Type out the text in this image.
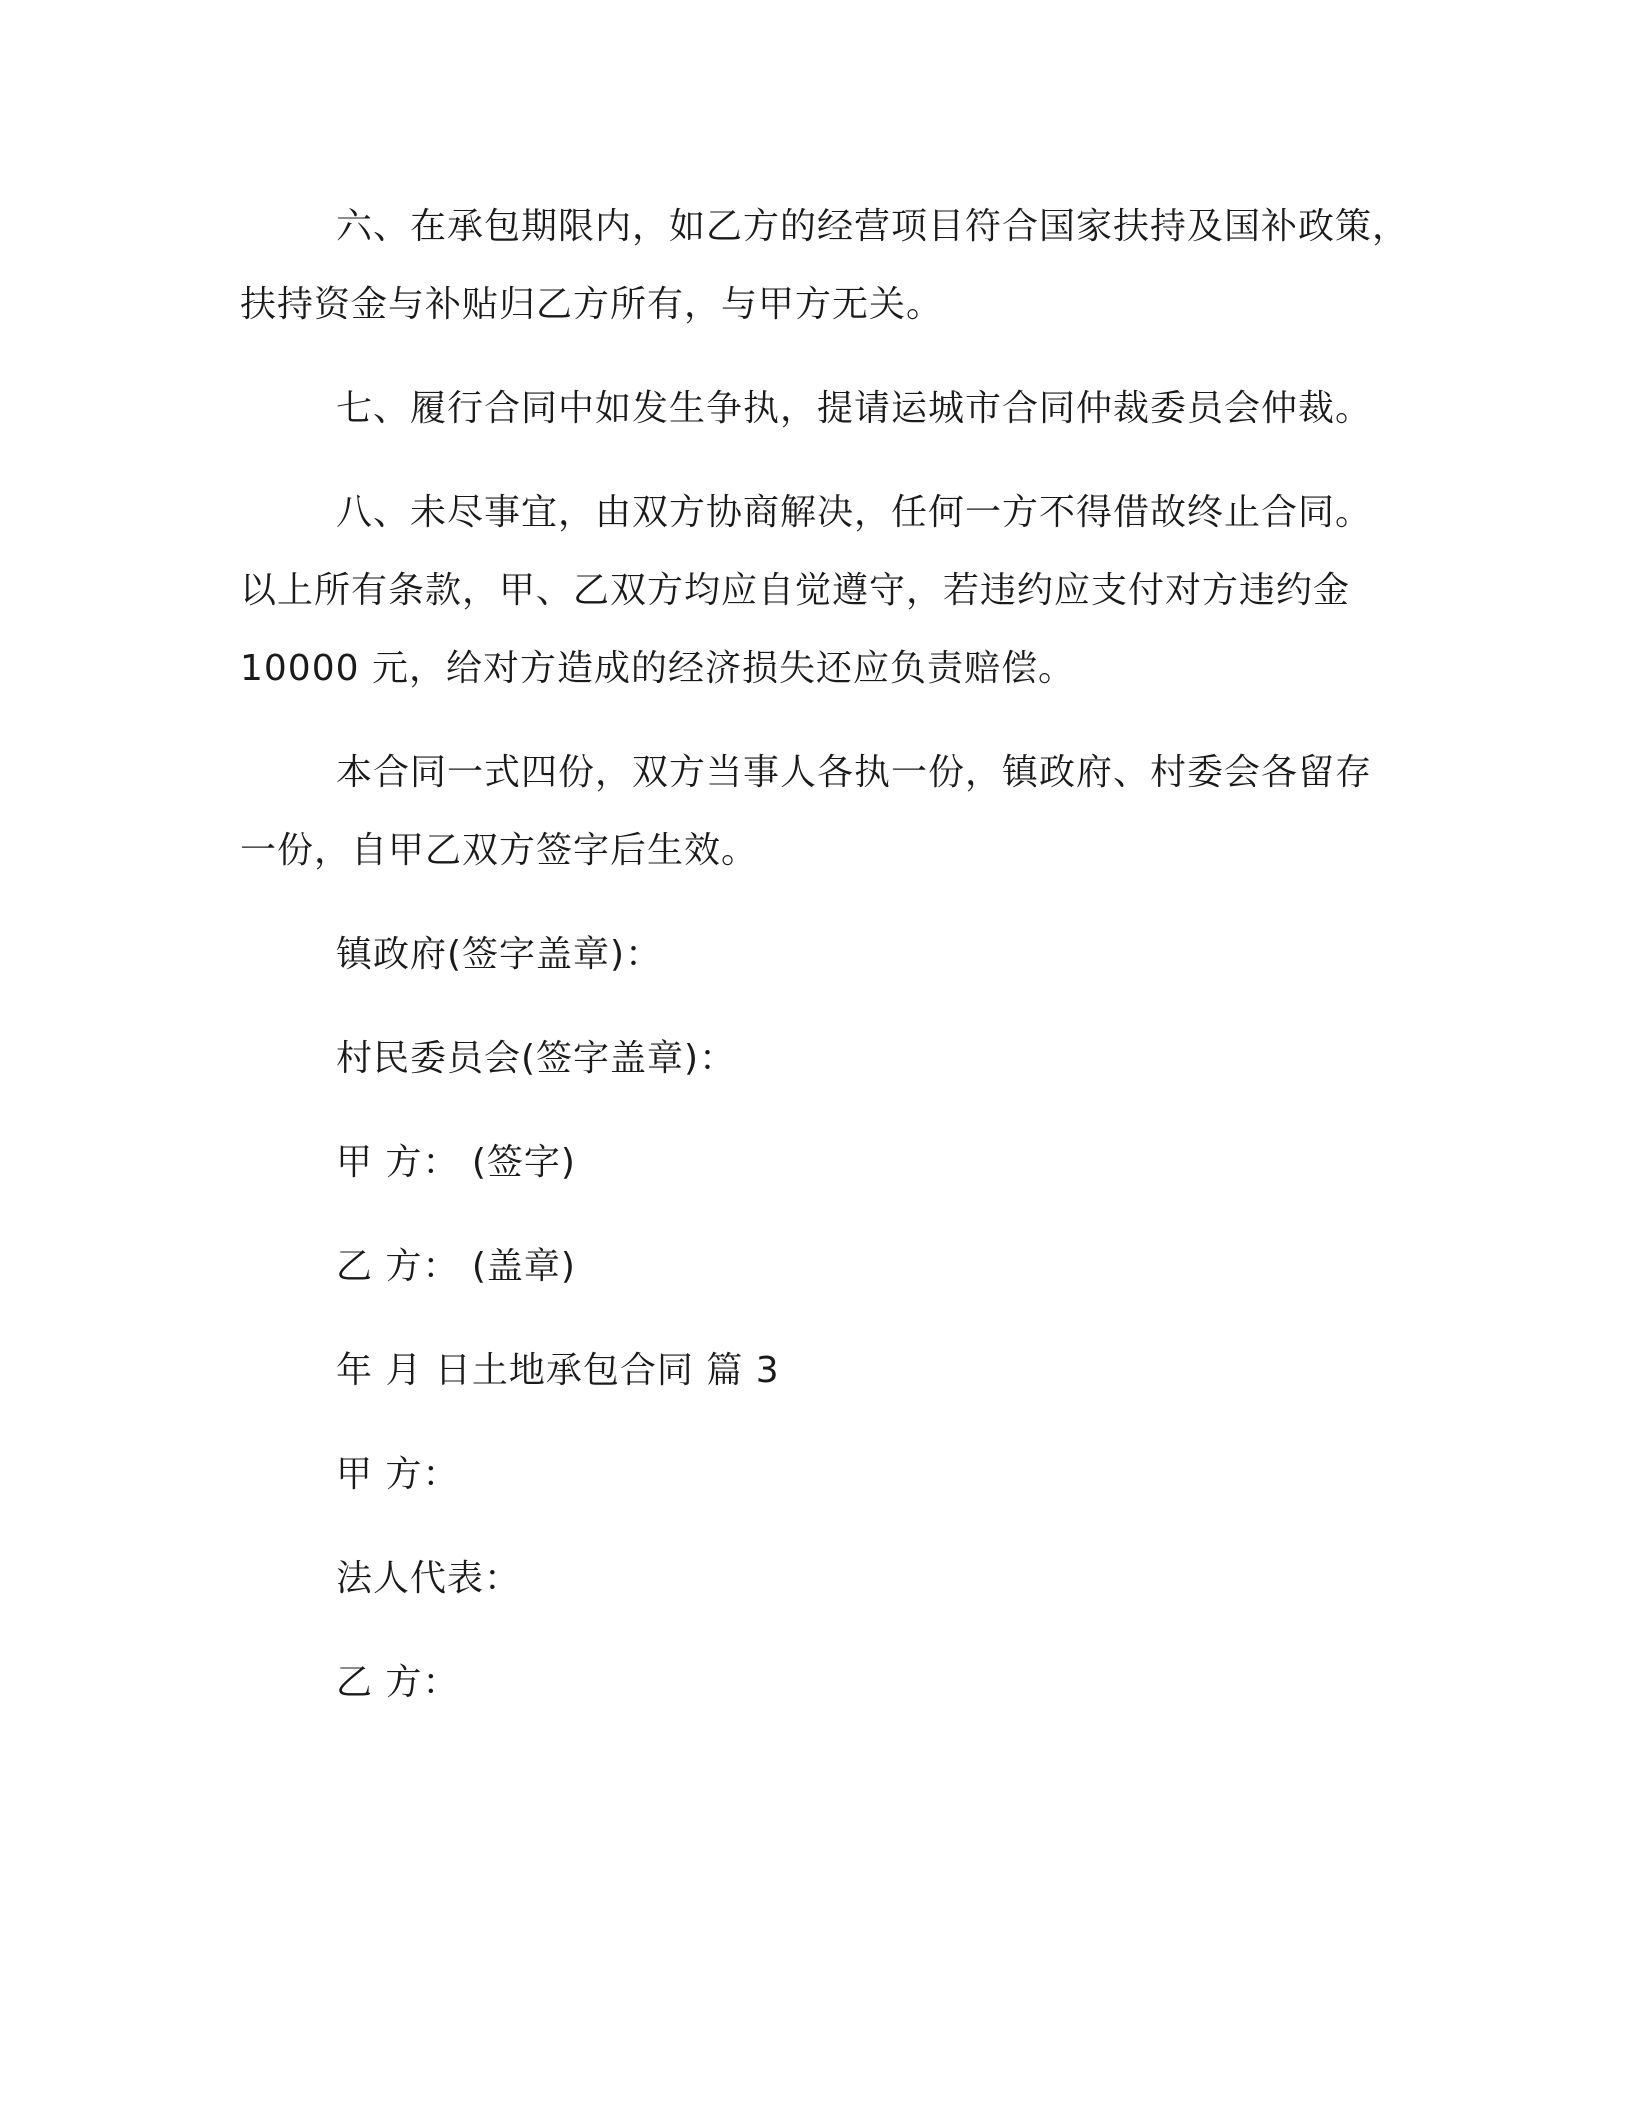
六、在承包期限内，如乙方的经营项目符合国家扶持及国补政策，
扶持资金与补贴归乙方所有，与甲方无关。

七、履行合同中如发生争执，提请运城市合同仲裁委员会仲裁。

八、未尽事宜，由双方协商解决，任何一方不得借故终止合同。
以上所有条款，甲、乙双方均应自觉遵守，若违约应支付对方违约金
10000 元，给对方造成的经济损失还应负责赔偿。

本合同一式四份，双方当事人各执一份，镇政府、村委会各留存
一份，自甲乙双方签字后生效。

镇政府(签字盖章)：

村民委员会(签字盖章)：

甲 方： (签字)

乙 方： (盖章)

年 月 日土地承包合同 篇 3

甲 方：

法人代表：

乙 方：
